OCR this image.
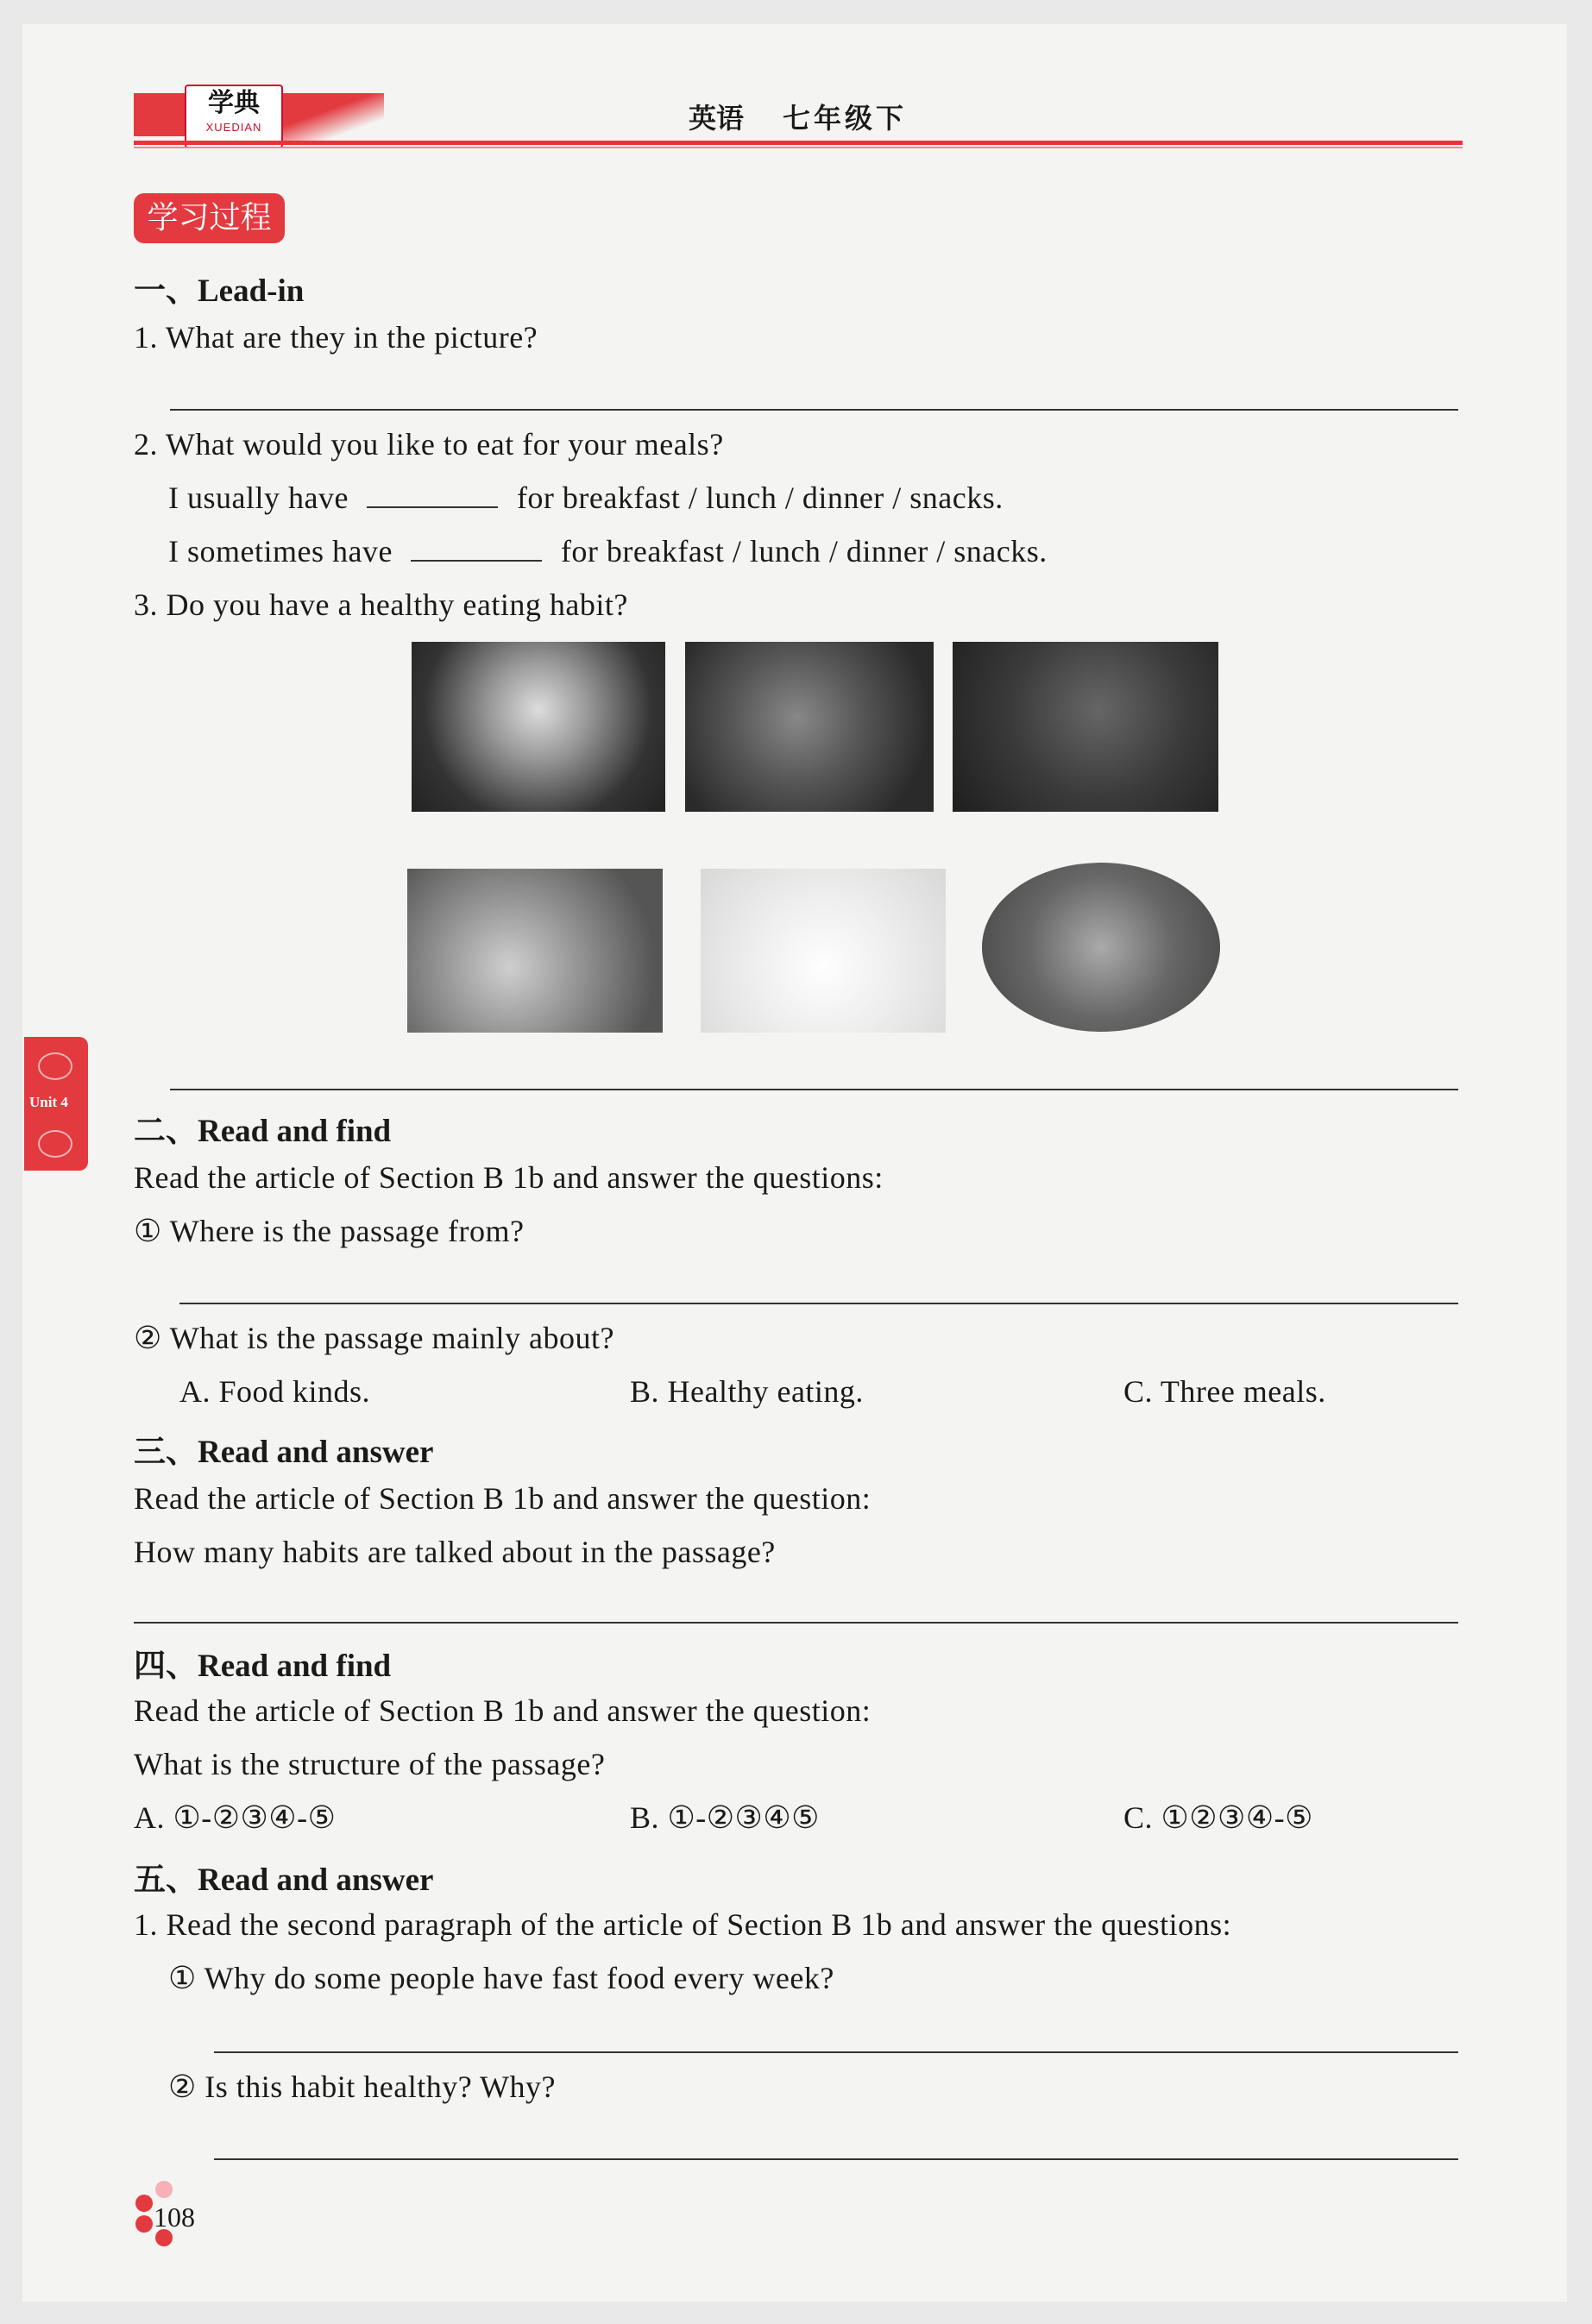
学典
XUEDIAN	英语 七年级下
学习过程
一、Lead-in
1. What are they in the picture?
2. What would you like to eat for your meals?
I usually have	for breakfast / lunch / dinner / snacks.
I sometimes have	for breakfast / lunch / dinner / snacks.
3. Do you have a healthy eating habit?
Unit 4
二、Read and find
Read the article of Section B 1b and answer the questions:
① Where is the passage from?
② What is the passage mainly about?
A. Food kinds.	B. Healthy eating.	C. Three meals.
三、Read and answer
Read the article of Section B 1b and answer the question:
How many habits are talked about in the passage?
四、Read and find
Read the article of Section B 1b and answer the question:
What is the structure of the passage?
A. ①-②③④-⑤	B. ①-②③④⑤	C. ①②③④-⑤
五、Read and answer
1. Read the second paragraph of the article of Section B 1b and answer the questions:
① Why do some people have fast food every week?
② Is this habit healthy? Why?
108
